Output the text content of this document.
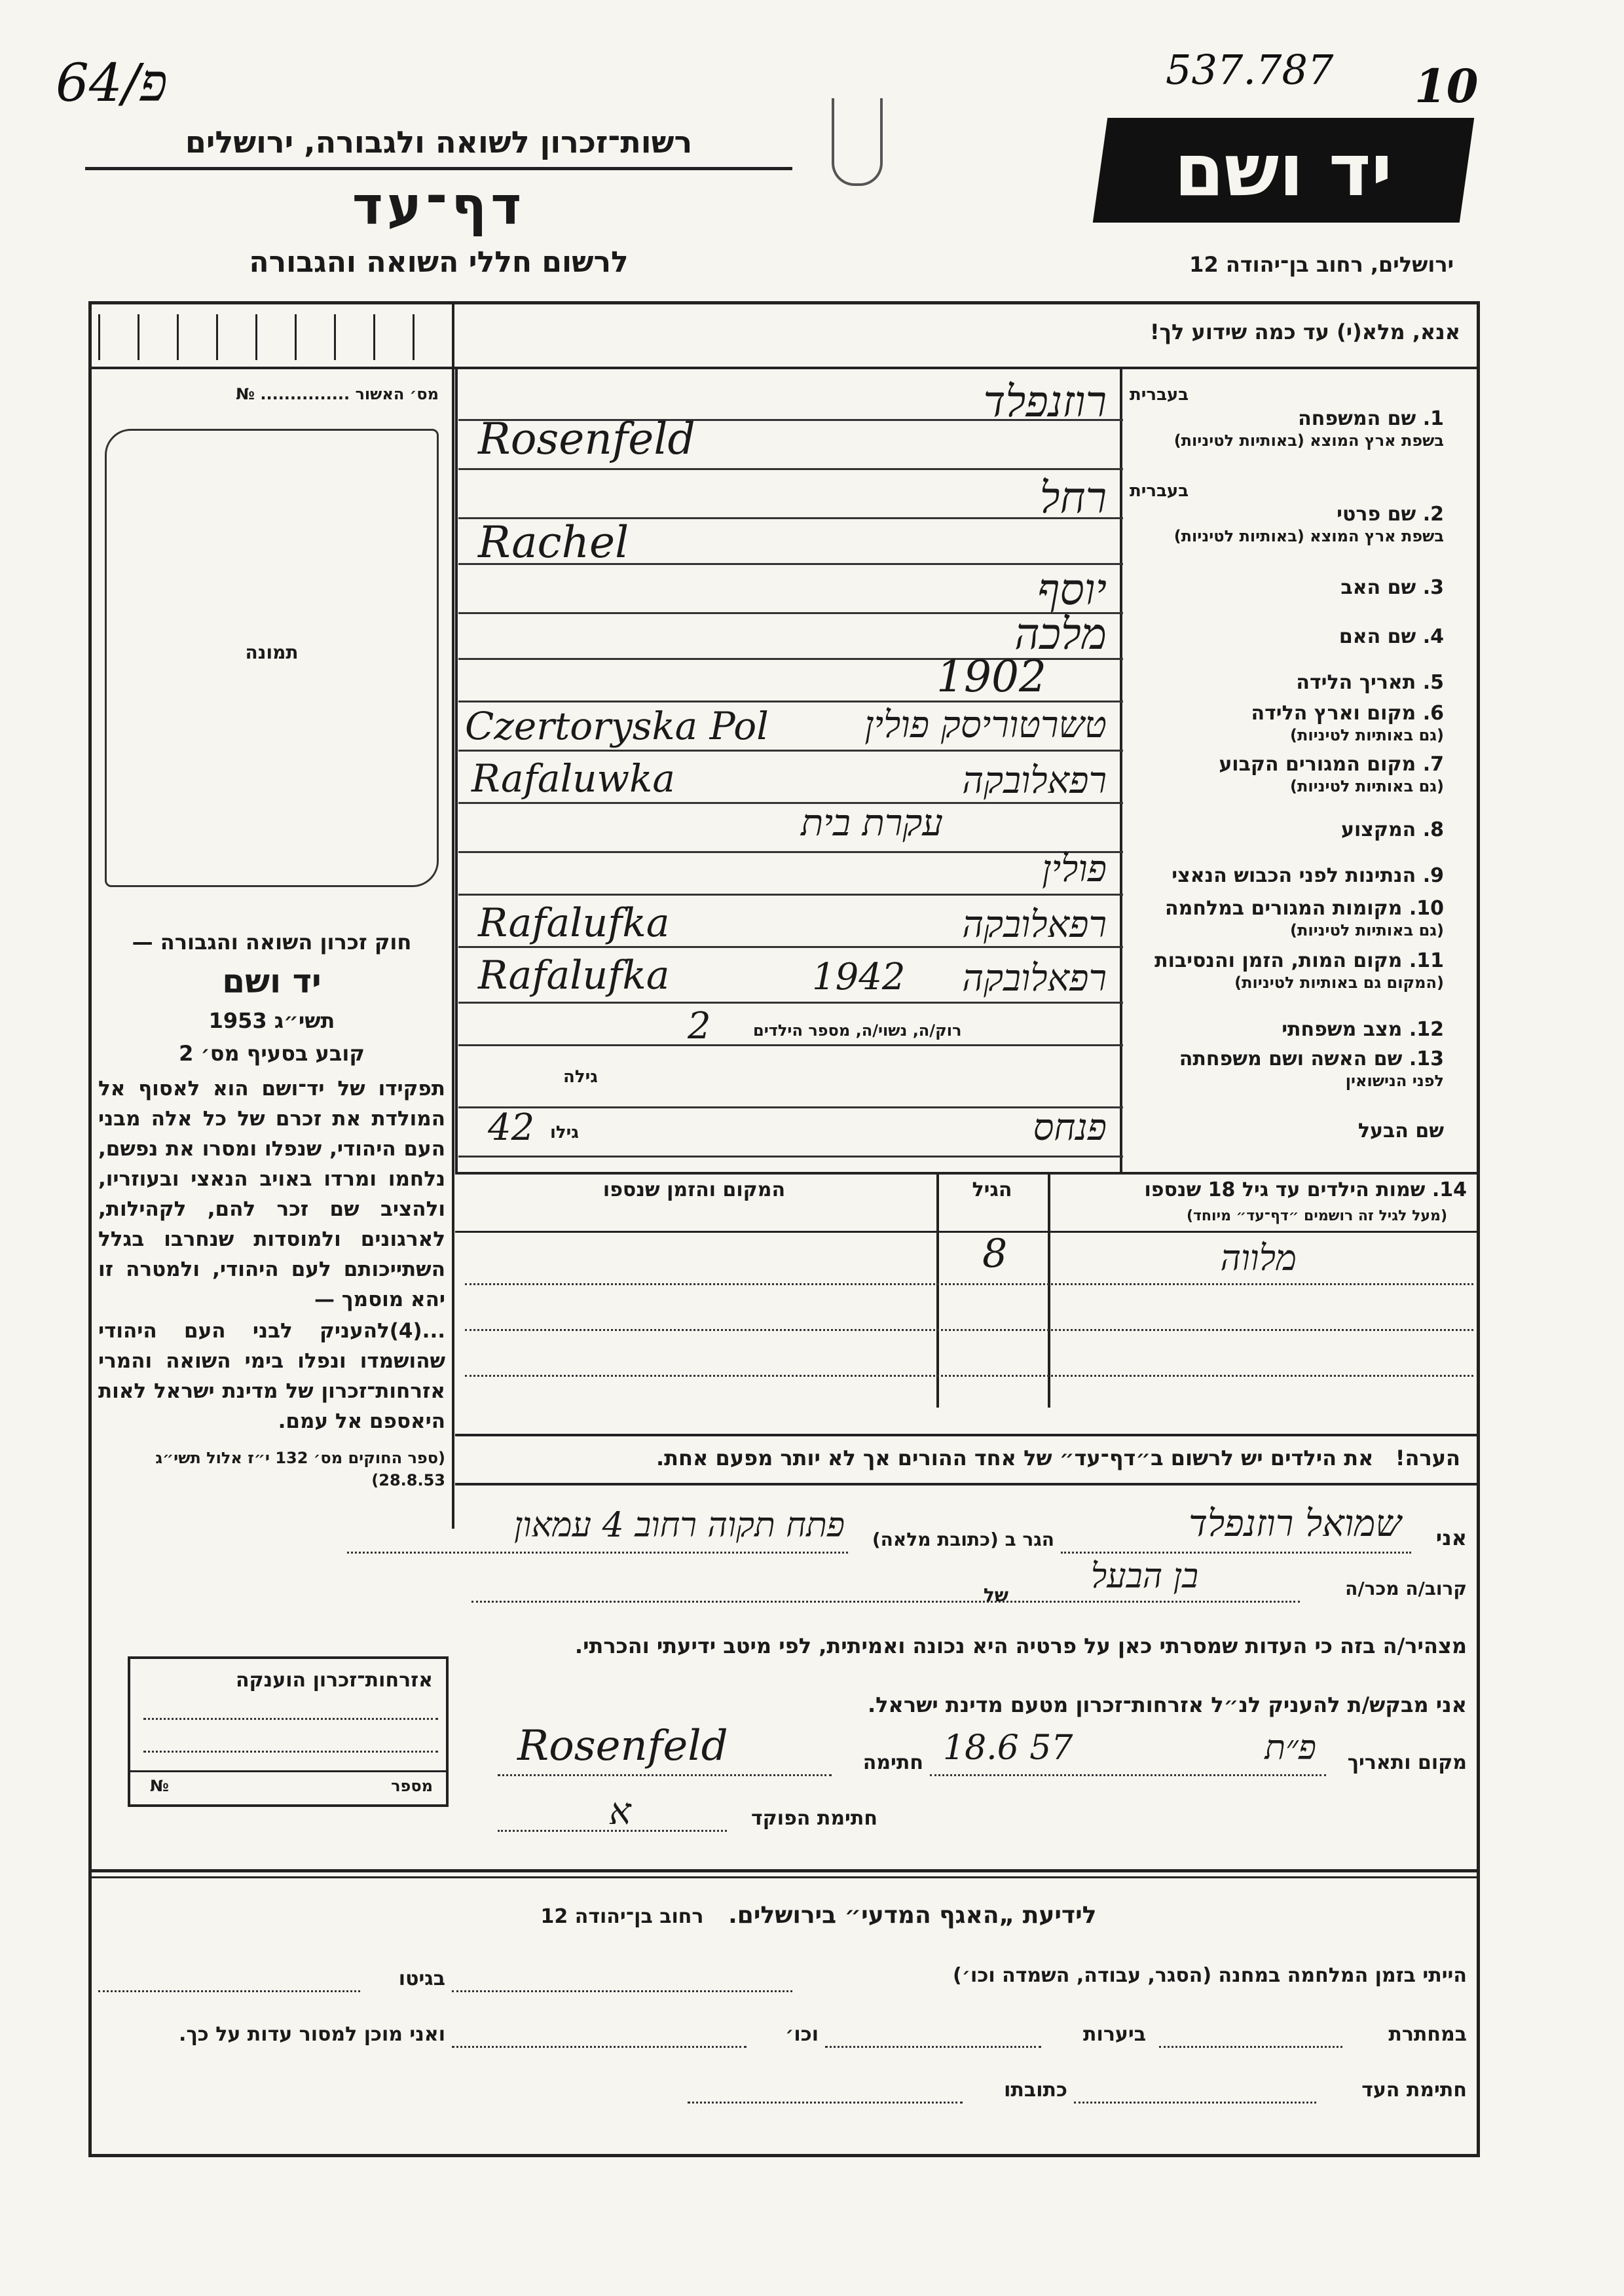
64/פ	537.787 10
רשות־זכרון לשואה ולגבורה, ירושלים
דף־עד
לרשום חללי השואה והגבורה
יד ושם
ירושלים, רחוב בן־יהודה 12
אנא, מלא(י) עד כמה שידוע לך!
מס׳ האשור ............... №
תמונה
חוק זכרון השואה והגבורה —
יד ושם
תשי״ג 1953
קובע בסעיף מס׳ 2
תפקידו של יד־ושם הוא לאסוף אל המולדת את זכרם של כל אלה מבני העם היהודי, שנפלו ומסרו את נפשם, נלחמו ומרדו באויב הנאצי ובעוזריו, ולהציב שם זכר להם, לקהילות, לארגונים ולמוסדות שנחרבו בגלל השתייכותם לעם היהודי, ולמטרה זו יהא מוסמך —
...(4)להעניק לבני העם היהודי שהושמדו ונפלו בימי השואה והמרי אזרחות־זכרון של מדינת ישראל לאות היאספם אל עמם.
(ספר החוקים מס׳ 132 י״ז אלול תשי״ג 28.8.53)
אזרחות־זכרון הוענקה
מספר
№
בעברית
1. שם המשפחה
בשפת ארץ המוצא (באותיות לטיניות)
רוזנפלד
Rosenfeld
בעברית
2. שם פרטי
בשפת ארץ המוצא (באותיות לטיניות)
רחל
Rachel
3. שם האב
יוסף
4. שם האם
מלכה
5. תאריך הלידה
1902
6. מקום וארץ הלידה
(גם באותיות לטיניות)
Czertoryska Pol	טשרטוריסק פולין
7. מקום המגורים הקבוע
(גם באותיות לטיניות)
Rafaluwka	רפאלובקה
8. המקצוע
עקרת בית
9. הנתינות לפני הכבוש הנאצי
פולין
10. מקומות המגורים במלחמה
(גם באותיות לטיניות)
Rafalufka	רפאלובקה
11. מקום המות, הזמן והנסיבות
(המקום גם באותיות לטיניות)
Rafalufka	1942	רפאלובקה
12. מצב משפחתי
רוק/ה, נשוי/ה, מספר הילדים
2
13. שם האשה ושם משפחתה
לפני הנישואין
גילה
שם הבעל
גילו
42	פנחס
14. שמות הילדים עד גיל 18 שנספו
(מעל לגיל זה רושמים ״דף־עד״ מיוחד)
הגיל
המקום והזמן שנספו
מלווה
8
הערה!   את הילדים יש לרשום ב״דף־עד״ של אחד ההורים אך לא יותר מפעם אחת.
אני
שמואל רוזנפלד
הגר ב (כתובת מלאה)
פתח תקוה רחוב 4 עמאון
קרוב/ה מכר/ה
בן הבעל
של
מצהיר/ה בזה כי העדות שמסרתי כאן על פרטיה היא נכונה ואמיתית, לפי מיטב ידיעתי והכרתי.
אני מבקש/ת להעניק לנ״ל אזרחות־זכרון מטעם מדינת ישראל.
מקום ותאריך
פ״ת
18.6 57
חתימה
Rosenfeld
חתימת הפוקד
א
לידיעת „האגף המדעי״ בירושלים.   רחוב בן־יהודה 12
הייתי בזמן המלחמה במחנה (הסגר, עבודה, השמדה וכו׳)
בגיטו
במחתרת
ביערות
וכו׳
ואני מוכן למסור עדות על כך.
חתימת העד
כתובתו
